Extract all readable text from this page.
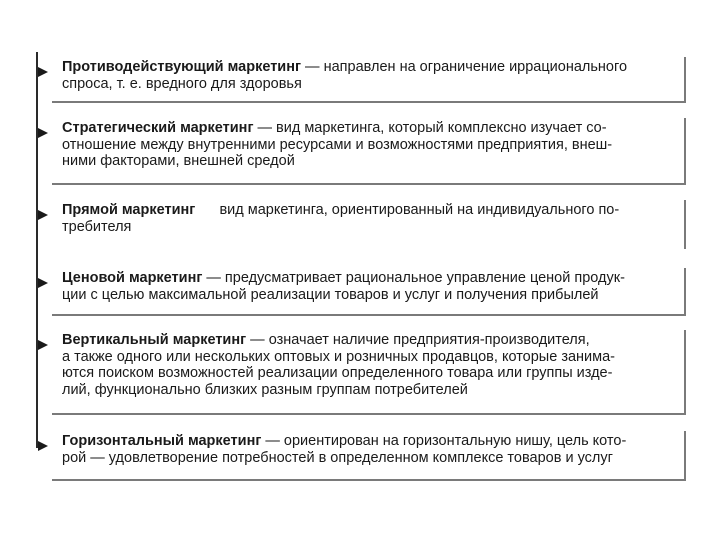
Противодействующий маркетинг — направлен на ограничение иррационального
спроса, т. е. вредного для здоровья
Стратегический маркетинг — вид маркетинга, который комплексно изучает со-
отношение между внутренними ресурсами и возможностями предприятия, внеш-
ними факторами, внешней средой
Прямой маркетинг      вид маркетинга, ориентированный на индивидуального по-
требителя
Ценовой маркетинг — предусматривает рациональное управление ценой продук-
ции с целью максимальной реализации товаров и услуг и получения прибылей
Вертикальный маркетинг — означает наличие предприятия-производителя,
а также одного или нескольких оптовых и розничных продавцов, которые занима-
ются поиском возможностей реализации определенного товара или группы изде-
лий, функционально близких разным группам потребителей
Горизонтальный маркетинг — ориентирован на горизонтальную нишу, цель кото-
рой — удовлетворение потребностей в определенном комплексе товаров и услуг
